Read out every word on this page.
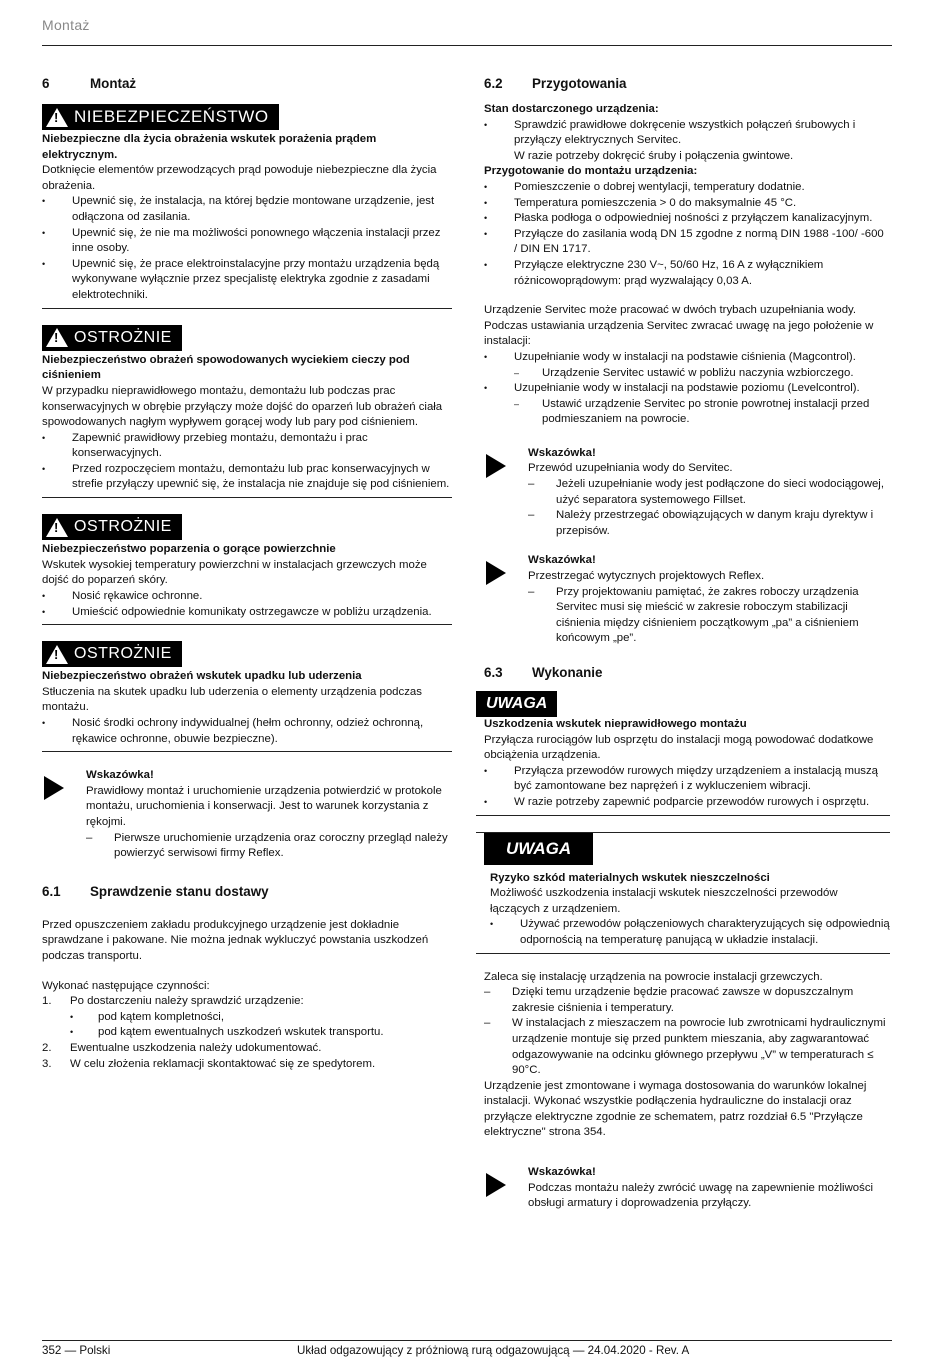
Montaż
6	Montaż
!
NIEBEZPIECZEŃSTWO

Niebezpieczne dla życia obrażenia wskutek porażenia prądem elektrycznym.

Dotknięcie elementów przewodzących prąd powoduje niebezpieczne dla życia obrażenia.

• Upewnić się, że instalacja, na której będzie montowane urządzenie, jest odłączona od zasilania.
• Upewnić się, że nie ma możliwości ponownego włączenia instalacji przez inne osoby.
• Upewnić się, że prace elektroinstalacyjne przy montażu urządzenia będą wykonywane wyłącznie przez specjalistę elektryka zgodnie z zasadami elektrotechniki.
!
OSTROŻNIE

Niebezpieczeństwo obrażeń spowodowanych wyciekiem cieczy pod ciśnieniem

W przypadku nieprawidłowego montażu, demontażu lub podczas prac konserwacyjnych w obrębie przyłączy może dojść do oparzeń lub obrażeń ciała spowodowanych nagłym wypływem gorącej wody lub pary pod ciśnieniem.

• Zapewnić prawidłowy przebieg montażu, demontażu i prac konserwacyjnych.
• Przed rozpoczęciem montażu, demontażu lub prac konserwacyjnych w strefie przyłączy upewnić się, że instalacja nie znajduje się pod ciśnieniem.
!
OSTROŻNIE

Niebezpieczeństwo poparzenia o gorące powierzchnie

Wskutek wysokiej temperatury powierzchni w instalacjach grzewczych może dojść do poparzeń skóry.

• Nosić rękawice ochronne.
• Umieścić odpowiednie komunikaty ostrzegawcze w pobliżu urządzenia.
!
OSTROŻNIE

Niebezpieczeństwo obrażeń wskutek upadku lub uderzenia

Stłuczenia na skutek upadku lub uderzenia o elementy urządzenia podczas montażu.

• Nosić środki ochrony indywidualnej (hełm ochronny, odzież ochronną, rękawice ochronne, obuwie bezpieczne).

Wskazówka!

Prawidłowy montaż i uruchomienie urządzenia potwierdzić w protokole montażu, uruchomienia i konserwacji. Jest to warunek korzystania z rękojmi.

– Pierwsze uruchomienie urządzenia oraz coroczny przegląd należy powierzyć serwisowi firmy Reflex.
6.1	Sprawdzenie stanu dostawy

Przed opuszczeniem zakładu produkcyjnego urządzenie jest dokładnie sprawdzane i pakowane. Nie można jednak wykluczyć powstania uszkodzeń podczas transportu.

Wykonać następujące czynności:

1. Po dostarczeniu należy sprawdzić urządzenie:
• pod kątem kompletności,
• pod kątem ewentualnych uszkodzeń wskutek transportu.
2. Ewentualne uszkodzenia należy udokumentować.
3. W celu złożenia reklamacji skontaktować się ze spedytorem.
6.2	Przygotowania

Stan dostarczonego urządzenia:

• Sprawdzić prawidłowe dokręcenie wszystkich połączeń śrubowych i przyłączy elektrycznych Servitec.
W razie potrzeby dokręcić śruby i połączenia gwintowe.

Przygotowanie do montażu urządzenia:

• Pomieszczenie o dobrej wentylacji, temperatury dodatnie.
• Temperatura pomieszczenia > 0 do maksymalnie 45 °C.
• Płaska podłoga o odpowiedniej nośności z przyłączem kanalizacyjnym.
• Przyłącze do zasilania wodą DN 15 zgodne z normą DIN 1988 -100/ -600 / DIN EN 1717.
• Przyłącze elektryczne 230 V~, 50/60 Hz, 16 A z wyłącznikiem różnicowoprądowym: prąd wyzwalający 0,03 A.

Urządzenie Servitec może pracować w dwóch trybach uzupełniania wody. Podczas ustawiania urządzenia Servitec zwracać uwagę na jego położenie w instalacji:

• Uzupełnianie wody w instalacji na podstawie ciśnienia (Magcontrol).
– Urządzenie Servitec ustawić w pobliżu naczynia wzbiorczego.
• Uzupełnianie wody w instalacji na podstawie poziomu (Levelcontrol).
– Ustawić urządzenie Servitec po stronie powrotnej instalacji przed podmieszaniem na powrocie.

Wskazówka!

Przewód uzupełniania wody do Servitec.

– Jeżeli uzupełnianie wody jest podłączone do sieci wodociągowej, użyć separatora systemowego Fillset.
– Należy przestrzegać obowiązujących w danym kraju dyrektyw i przepisów.

Wskazówka!

Przestrzegać wytycznych projektowych Reflex.

– Przy projektowaniu pamiętać, że zakres roboczy urządzenia Servitec musi się mieścić w zakresie roboczym stabilizacji ciśnienia między ciśnieniem początkowym „pa” a ciśnieniem końcowym „pe”.
6.3	Wykonanie
UWAGA

Uszkodzenia wskutek nieprawidłowego montażu

Przyłącza rurociągów lub osprzętu do instalacji mogą powodować dodatkowe obciążenia urządzenia.

• Przyłącza przewodów rurowych między urządzeniem a instalacją muszą być zamontowane bez naprężeń i z wykluczeniem wibracji.
• W razie potrzeby zapewnić podparcie przewodów rurowych i osprzętu.
UWAGA

Ryzyko szkód materialnych wskutek nieszczelności

Możliwość uszkodzenia instalacji wskutek nieszczelności przewodów łączących z urządzeniem.

• Używać przewodów połączeniowych charakteryzujących się odpowiednią odpornością na temperaturę panującą w układzie instalacji.

Zaleca się instalację urządzenia na powrocie instalacji grzewczych.

– Dzięki temu urządzenie będzie pracować zawsze w dopuszczalnym zakresie ciśnienia i temperatury.
– W instalacjach z mieszaczem na powrocie lub zwrotnicami hydraulicznymi urządzenie montuje się przed punktem mieszania, aby zagwarantować odgazowywanie na odcinku głównego przepływu „V” w temperaturach ≤ 90°C.

Urządzenie jest zmontowane i wymaga dostosowania do warunków lokalnej instalacji. Wykonać wszystkie podłączenia hydrauliczne do instalacji oraz przyłącze elektryczne zgodnie ze schematem, patrz rozdział 6.5 "Przyłącze elektryczne" strona 354.

Wskazówka!

Podczas montażu należy zwrócić uwagę na zapewnienie możliwości obsługi armatury i doprowadzenia przyłączy.

352 — Polski	Układ odgazowujący z próżniową rurą odgazowującą — 24.04.2020 - Rev. A
